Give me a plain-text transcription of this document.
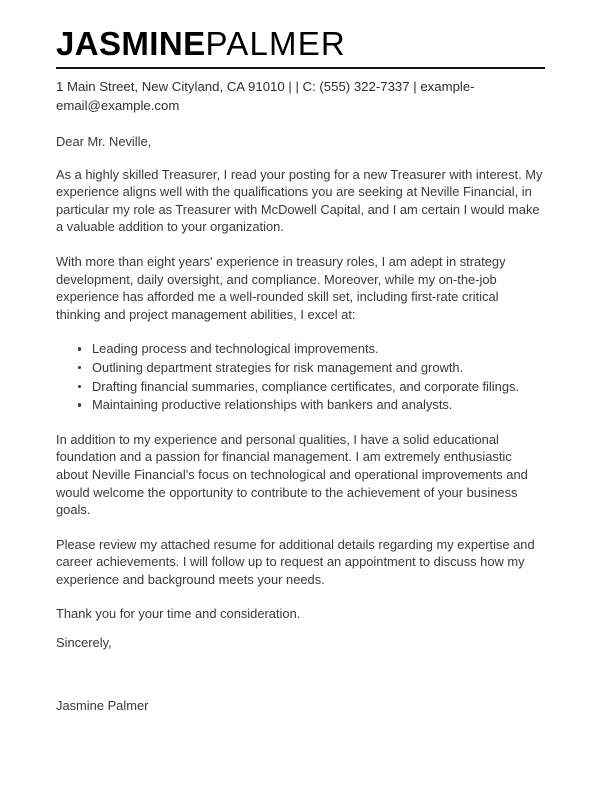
JASMINEPALMER
1 Main Street, New Cityland, CA 91010 | | C: (555) 322-7337 | example-email@example.com

Dear Mr. Neville,

As a highly skilled Treasurer, I read your posting for a new Treasurer with interest. My experience aligns well with the qualifications you are seeking at Neville Financial, in particular my role as Treasurer with McDowell Capital, and I am certain I would make a valuable addition to your organization.

With more than eight years' experience in treasury roles, I am adept in strategy development, daily oversight, and compliance. Moreover, while my on-the-job experience has afforded me a well-rounded skill set, including first-rate critical thinking and project management abilities, I excel at:

Leading process and technological improvements.
Outlining department strategies for risk management and growth.
Drafting financial summaries, compliance certificates, and corporate filings.
Maintaining productive relationships with bankers and analysts.

In addition to my experience and personal qualities, I have a solid educational foundation and a passion for financial management. I am extremely enthusiastic about Neville Financial's focus on technological and operational improvements and would welcome the opportunity to contribute to the achievement of your business goals.

Please review my attached resume for additional details regarding my expertise and career achievements. I will follow up to request an appointment to discuss how my experience and background meets your needs.

Thank you for your time and consideration.

Sincerely,

Jasmine Palmer
